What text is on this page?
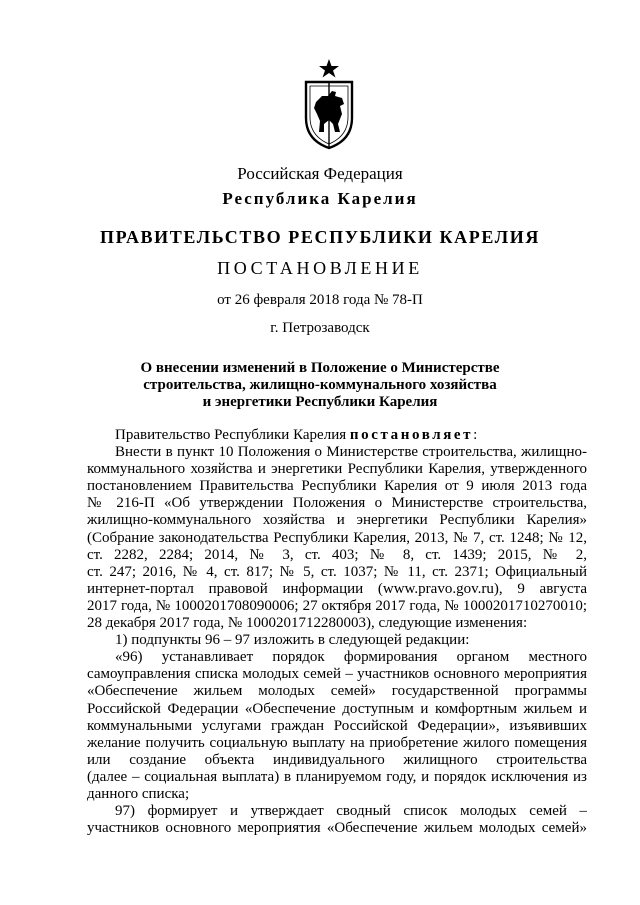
Российская Федерация
Республика Карелия
ПРАВИТЕЛЬСТВО РЕСПУБЛИКИ КАРЕЛИЯ
ПОСТАНОВЛЕНИЕ
от 26 февраля 2018 года № 78-П
г. Петрозаводск
О внесении изменений в Положение о Министерстве
строительства, жилищно-коммунального хозяйства
и энергетики Республики Карелия
Правительство Республики Карелия постановляет:
Внести в пункт 10 Положения о Министерстве строительства, жилищно-
коммунального хозяйства и энергетики Республики Карелия, утвержденного
постановлением Правительства Республики Карелия от 9 июля 2013 года
№ 216-П «Об утверждении Положения о Министерстве строительства,
жилищно-коммунального хозяйства и энергетики Республики Карелия»
(Собрание законодательства Республики Карелия, 2013, № 7, ст. 1248; № 12,
ст. 2282, 2284; 2014, № 3, ст. 403; № 8, ст. 1439; 2015, № 2,
ст. 247; 2016, № 4, ст. 817; № 5, ст. 1037; № 11, ст. 2371; Официальный
интернет-портал правовой информации (www.pravo.gov.ru), 9 августа
2017 года, № 1000201708090006; 27 октября 2017 года, № 1000201710270010;
28 декабря 2017 года, № 1000201712280003), следующие изменения:
1) подпункты 96 – 97 изложить в следующей редакции:
«96) устанавливает порядок формирования органом местного
самоуправления списка молодых семей – участников основного мероприятия
«Обеспечение жильем молодых семей» государственной программы
Российской Федерации «Обеспечение доступным и комфортным жильем и
коммунальными услугами граждан Российской Федерации», изъявивших
желание получить социальную выплату на приобретение жилого помещения
или создание объекта индивидуального жилищного строительства
(далее – социальная выплата) в планируемом году, и порядок исключения из
данного списка;
97) формирует и утверждает сводный список молодых семей –
участников основного мероприятия «Обеспечение жильем молодых семей»
